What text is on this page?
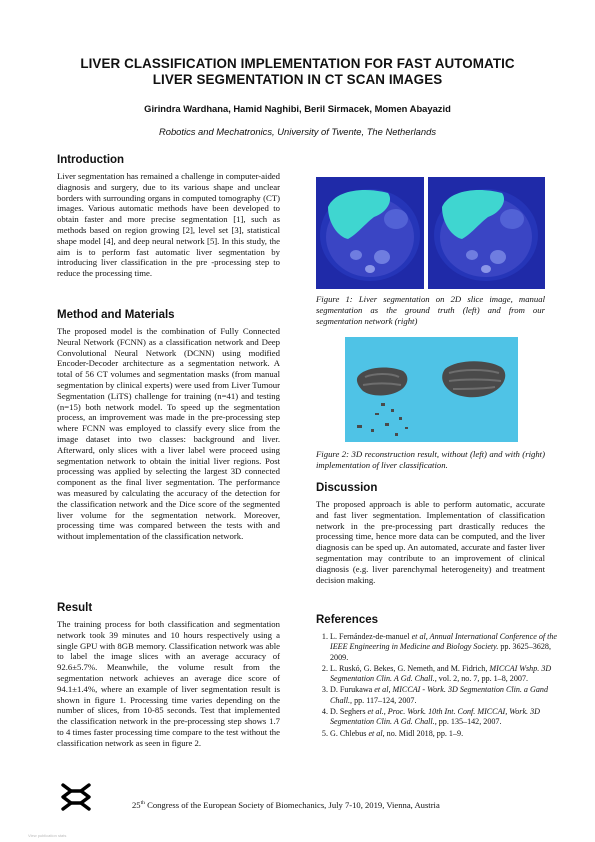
LIVER CLASSIFICATION IMPLEMENTATION FOR FAST AUTOMATIC
LIVER SEGMENTATION IN CT SCAN IMAGES
Girindra Wardhana, Hamid Naghibi, Beril Sirmacek, Momen Abayazid
Robotics and Mechatronics, University of Twente, The Netherlands
Introduction

Liver segmentation has remained a challenge in computer-aided diagnosis and surgery, due to its various shape and unclear borders with surrounding organs in computed tomography (CT) images. Various automatic methods have been developed to obtain faster and more precise segmentation [1], such as methods based on region growing [2], level set [3], statistical shape model [4], and deep neural network [5]. In this study, the aim is to perform fast automatic liver segmentation by introducing liver classification in the pre -processing step to reduce the processing time.

Method and Materials

The proposed model is the combination of Fully Connected Neural Network (FCNN) as a classification network and Deep Convolutional Neural Network (DCNN) using modified Encoder-Decoder architecture as a segmentation network. A total of 56 CT volumes and segmentation masks (from manual segmentation by clinical experts) were used from Liver Tumour Segmentation (LiTS) challenge for training (n=41) and testing (n=15) both network model. To speed up the segmentation process, an improvement was made in the pre-processing step where FCNN was employed to classify every slice from the image dataset into two classes: background and liver. Afterward, only slices with a liver label were proceed using segmentation network to obtain the initial liver regions. Post processing was applied by selecting the largest 3D connected component as the final liver segmentation. The performance was measured by calculating the accuracy of the detection for the classification network and the Dice score of the segmented liver volume for the segmentation network. Moreover, processing time was compared between the tests with and without implementation of the classification network.

Result

The training process for both classification and segmentation network took 39 minutes and 10 hours respectively using a single GPU with 8GB memory. Classification network was able to label the image slices with an average accuracy of 92.6±5.7%. Meanwhile, the volume result from the segmentation network achieves an average dice score of 94.1±1.4%, where an example of liver segmentation result is shown in figure 1. Processing time varies depending on the number of slices, from 10-85 seconds. Test that implemented the classification network in the pre-processing step shows 1.7 to 4 times faster processing time compare to the test without the classification network as seen in figure 2.

Figure 1: Liver segmentation on 2D slice image, manual segmentation as the ground truth (left) and from our segmentation network (right)

Figure 2: 3D reconstruction result, without (left) and with (right) implementation of liver classification.

Discussion

The proposed approach is able to perform automatic, accurate and fast liver segmentation. Implementation of classification network in the pre-processing part drastically reduces the processing time, hence more data can be computed, and the liver diagnosis can be sped up. An automated, accurate and faster liver segmentation may contribute to an improvement of clinical diagnosis (e.g. liver parenchymal heterogeneity) and treatment decision making.

References
1. L. Fernández-de-manuel et al, Annual International Conference of the IEEE Engineering in Medicine and Biology Society. pp. 3625–3628, 2009.
2. L. Ruskó, G. Bekes, G. Nemeth, and M. Fidrich, MICCAI Wshp. 3D Segmentation Clin. A Gd. Chall., vol. 2, no. 7, pp. 1–8, 2007.
3. D. Furukawa et al, MICCAI - Work. 3D Segmentation Clin. a Gand Chall., pp. 117–124, 2007.
4. D. Seghers et al., Proc. Work. 10th Int. Conf. MICCAI, Work. 3D Segmentation Clin. A Gd. Chall., pp. 135–142, 2007.
5. G. Chlebus et al, no. Midl 2018, pp. 1–9.
25th Congress of the European Society of Biomechanics, July 7-10, 2019, Vienna, Austria
View publication stats
